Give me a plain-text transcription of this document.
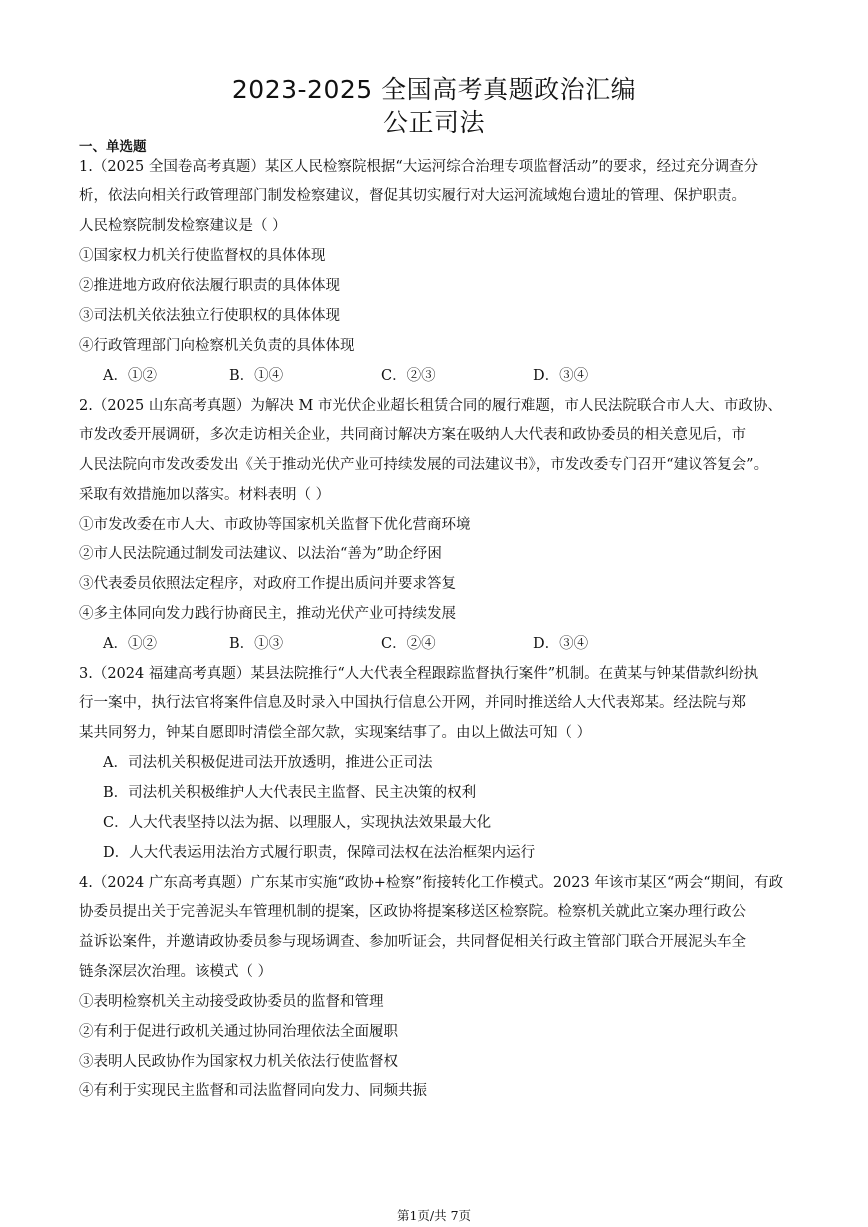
2023-2025 全国高考真题政治汇编
公正司法
一、单选题
1.（2025 全国卷高考真题）某区人民检察院根据“大运河综合治理专项监督活动”的要求，经过充分调查分
析，依法向相关行政管理部门制发检察建议，督促其切实履行对大运河流域炮台遗址的管理、保护职责。
人民检察院制发检察建议是（ ）
①国家权力机关行使监督权的具体体现
②推进地方政府依法履行职责的具体体现
③司法机关依法独立行使职权的具体体现
④行政管理部门向检察机关负责的具体体现
A．①②	B．①④	C．②③	D．③④
2.（2025 山东高考真题）为解决 M 市光伏企业超长租赁合同的履行难题，市人民法院联合市人大、市政协、
市发改委开展调研，多次走访相关企业，共同商讨解决方案在吸纳人大代表和政协委员的相关意见后，市
人民法院向市发改委发出《关于推动光伏产业可持续发展的司法建议书》，市发改委专门召开“建议答复会”。
采取有效措施加以落实。材料表明（ ）
①市发改委在市人大、市政协等国家机关监督下优化营商环境
②市人民法院通过制发司法建议、以法治“善为”助企纾困
③代表委员依照法定程序，对政府工作提出质问并要求答复
④多主体同向发力践行协商民主，推动光伏产业可持续发展
A．①②	B．①③	C．②④	D．③④
3.（2024 福建高考真题）某县法院推行“人大代表全程跟踪监督执行案件”机制。在黄某与钟某借款纠纷执
行一案中，执行法官将案件信息及时录入中国执行信息公开网，并同时推送给人大代表郑某。经法院与郑
某共同努力，钟某自愿即时清偿全部欠款，实现案结事了。由以上做法可知（ ）
A．司法机关积极促进司法开放透明，推进公正司法
B．司法机关积极维护人大代表民主监督、民主决策的权利
C．人大代表坚持以法为据、以理服人，实现执法效果最大化
D．人大代表运用法治方式履行职责，保障司法权在法治框架内运行
4.（2024 广东高考真题）广东某市实施“政协+检察”衔接转化工作模式。2023 年该市某区“两会“期间，有政
协委员提出关于完善泥头车管理机制的提案，区政协将提案移送区检察院。检察机关就此立案办理行政公
益诉讼案件，并邀请政协委员参与现场调查、参加听证会，共同督促相关行政主管部门联合开展泥头车全
链条深层次治理。该模式（ ）
①表明检察机关主动接受政协委员的监督和管理
②有利于促进行政机关通过协同治理依法全面履职
③表明人民政协作为国家权力机关依法行使监督权
④有利于实现民主监督和司法监督同向发力、同频共振
第1页/共 7页
